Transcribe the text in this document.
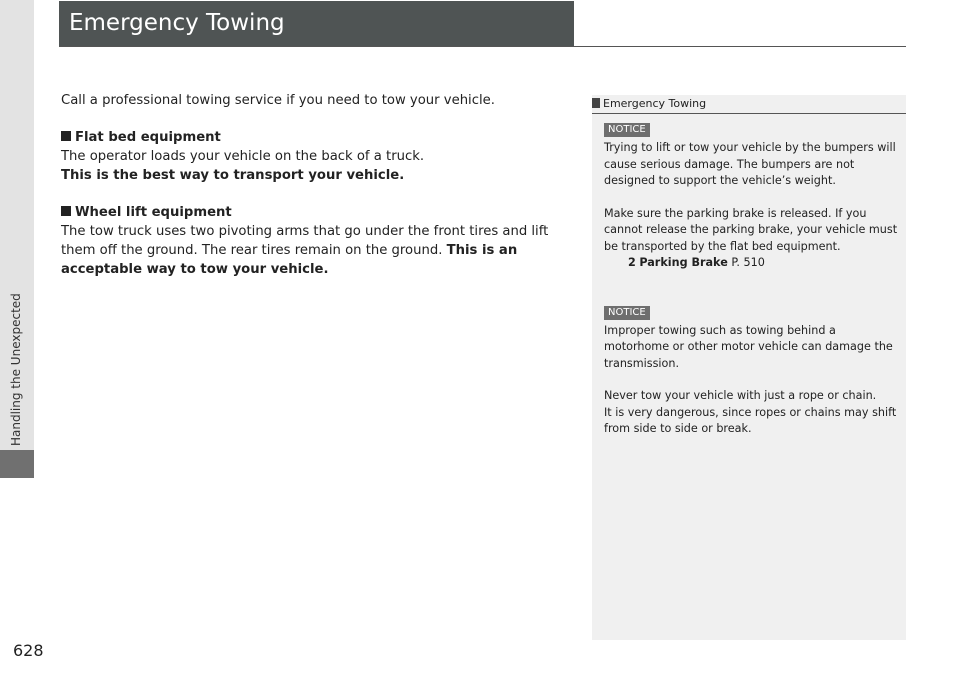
Handling the Unexpected
Emergency Towing

Call a professional towing service if you need to tow your vehicle.

Flat bed equipment

The operator loads your vehicle on the back of a truck.

This is the best way to transport your vehicle.

Wheel lift equipment

The tow truck uses two pivoting arms that go under the front tires and lift them off the ground. The rear tires remain on the ground. This is an acceptable way to tow your vehicle.

Emergency Towing
NOTICE

Trying to lift or tow your vehicle by the bumpers will cause serious damage. The bumpers are not designed to support the vehicle’s weight.

Make sure the parking brake is released. If you cannot release the parking brake, your vehicle must be transported by the flat bed equipment.

2 Parking Brake P. 510

NOTICE

Improper towing such as towing behind a motorhome or other motor vehicle can damage the transmission.

Never tow your vehicle with just a rope or chain.

It is very dangerous, since ropes or chains may shift from side to side or break.

628
